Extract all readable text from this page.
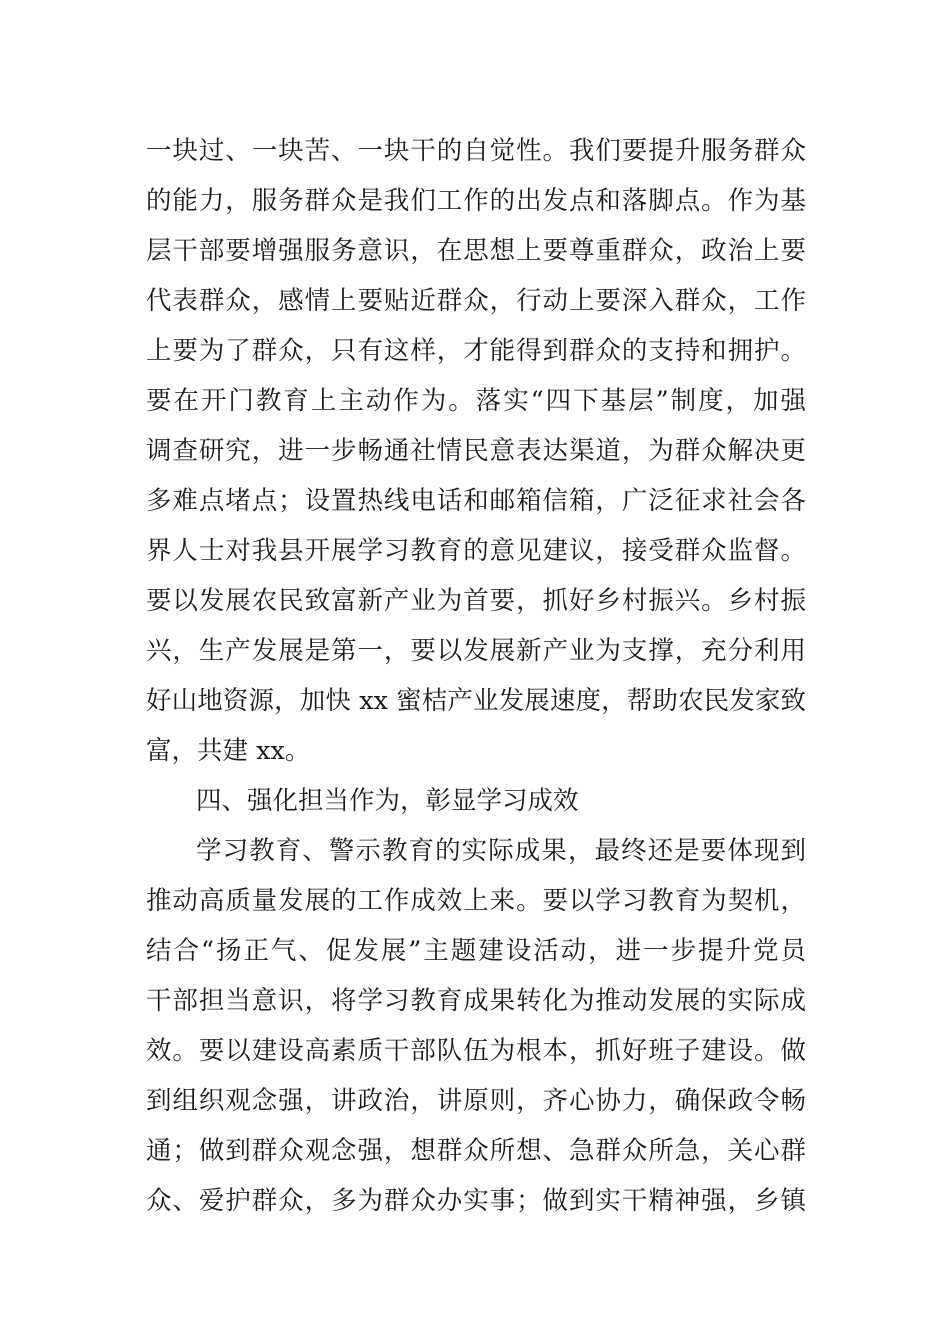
一块过、一块苦、一块干的自觉性。我们要提升服务群众
的能力，服务群众是我们工作的出发点和落脚点。作为基
层干部要增强服务意识，在思想上要尊重群众，政治上要
代表群众，感情上要贴近群众，行动上要深入群众，工作
上要为了群众，只有这样，才能得到群众的支持和拥护。
要在开门教育上主动作为。落实“四下基层”制度，加强
调查研究，进一步畅通社情民意表达渠道，为群众解决更
多难点堵点；设置热线电话和邮箱信箱，广泛征求社会各
界人士对我县开展学习教育的意见建议，接受群众监督。
要以发展农民致富新产业为首要，抓好乡村振兴。乡村振
兴，生产发展是第一，要以发展新产业为支撑，充分利用
好山地资源，加快 xx 蜜桔产业发展速度，帮助农民发家致
富，共建 xx。
四、强化担当作为，彰显学习成效
学习教育、警示教育的实际成果，最终还是要体现到
推动高质量发展的工作成效上来。要以学习教育为契机，
结合“扬正气、促发展”主题建设活动，进一步提升党员
干部担当意识，将学习教育成果转化为推动发展的实际成
效。要以建设高素质干部队伍为根本，抓好班子建设。做
到组织观念强，讲政治，讲原则，齐心协力，确保政令畅
通；做到群众观念强，想群众所想、急群众所急，关心群
众、爱护群众，多为群众办实事；做到实干精神强，乡镇
